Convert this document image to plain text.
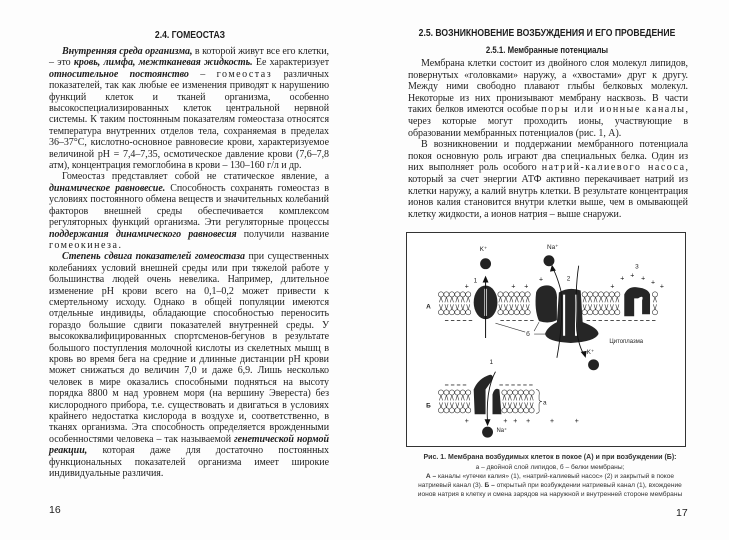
2.4. ГОМЕОСТАЗ

Внутренняя среда организма, в которой живут все его клетки, – это кровь, лимфа, межтканевая жидкость. Ее характеризует относительное постоянство – гомеостаз различных показателей, так как любые ее изменения приводят к нарушению функций клеток и тканей организма, особенно высокоспециализированных клеток центральной нервной системы. К таким постоянным показателям гомеостаза относятся температура внутренних отделов тела, сохраняемая в пределах 36–37°С, кислотно-основное равновесие крови, характеризуемое величиной pH = 7,4–7,35, осмотическое давление крови (7,6–7,8 атм), концентрация гемоглобина в крови – 130–160 г/л и др.

Гомеостаз представляет собой не статическое явление, а динамическое равновесие. Способность сохранять гомеостаз в условиях постоянного обмена веществ и значительных колебаний факторов внешней среды обеспечивается комплексом регуляторных функций организма. Эти регуляторные процессы поддержания динамического равновесия получили название гомеокинеза.

Степень сдвига показателей гомеостаза при существенных колебаниях условий внешней среды или при тяжелой работе у большинства людей очень невелика. Например, длительное изменение pH крови всего на 0,1–0,2 может привести к смертельному исходу. Однако в общей популяции имеются отдельные индивиды, обладающие способностью переносить гораздо большие сдвиги показателей внутренней среды. У высококвалифицированных спортсменов-бегунов в результате большого поступления молочной кислоты из скелетных мышц в кровь во время бега на средние и длинные дистанции pH крови может снижаться до величин 7,0 и даже 6,9. Лишь несколько человек в мире оказались способными подняться на высоту порядка 8800 м над уровнем моря (на вершину Эвереста) без кислородного прибора, т.е. существовать и двигаться в условиях крайнего недостатка кислорода в воздухе и, соответственно, в тканях организма. Эта способность определяется врожденными особенностями человека – так называемой генетической нормой реакции, которая даже для достаточно постоянных функциональных показателей организма имеет широкие индивидуальные различия.

16
2.5. ВОЗНИКНОВЕНИЕ ВОЗБУЖДЕНИЯ И ЕГО ПРОВЕДЕНИЕ
2.5.1. Мембранные потенциалы

Мембрана клетки состоит из двойного слоя молекул липидов, повернутых «головками» наружу, а «хвостами» друг к другу. Между ними свободно плавают глыбы белковых молекул. Некоторые из них пронизывают мембрану насквозь. В части таких белков имеются особые поры или ионные каналы, через которые могут проходить ионы, участвующие в образовании мембранных потенциалов (рис. 1, А).

В возникновении и поддержании мембранного потенциала покоя основную роль играют два специальных белка. Один из них выполняет роль особого натрий-калиевого насоса, который за счет энергии АТФ активно перекачивает натрий из клетки наружу, а калий внутрь клетки. В результате концентрация ионов калия становится внутри клетки выше, чем в омывающей клетку жидкости, а ионов натрия – выше снаружи.

K⁺
1
Na⁺
2
K⁺
3
б
Цитоплазма
А
Б
Na⁺
1
а
+	+ +
+
+
+ + +
+
+
+	+ + +	+	+
Рис. 1. Мембрана возбудимых клеток в покое (А) и при возбуждении (Б):
а – двойной слой липидов, б – белки мембраны;
А – каналы «утечки калия» (1), «натрий-калиевый насос» (2) и закрытый в покое
натриевый канал (3). Б – открытый при возбуждении натриевый канал (1), вхождение
ионов натрия в клетку и смена зарядов на наружной и внутренней стороне мембраны
17
